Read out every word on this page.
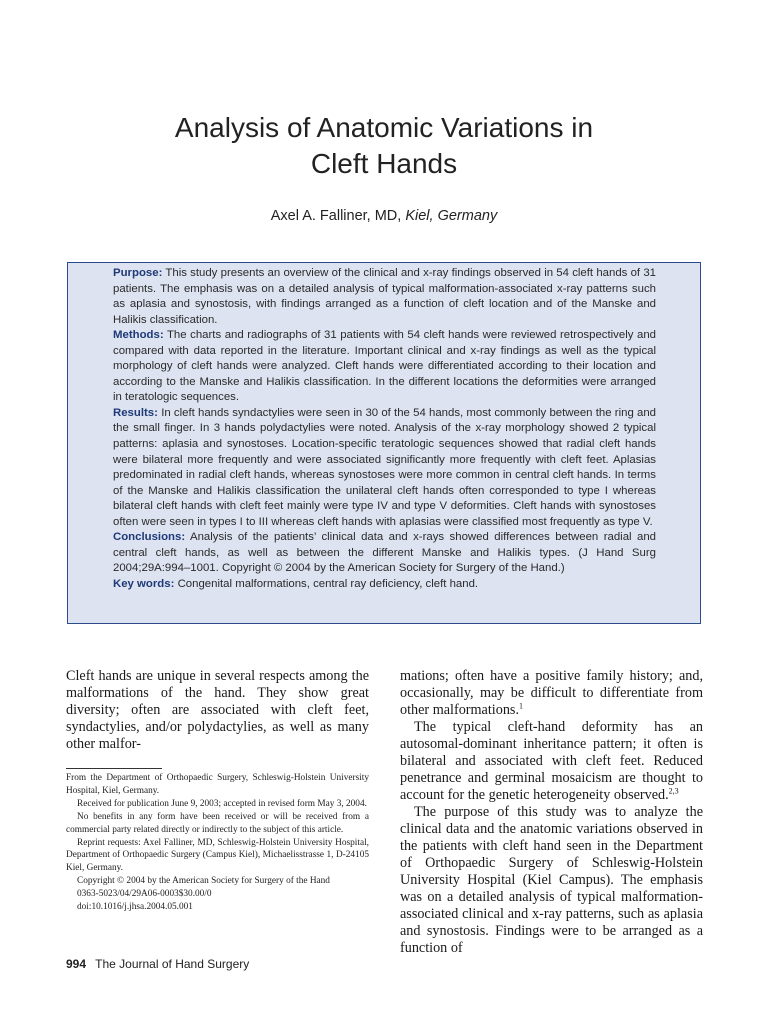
Analysis of Anatomic Variations in
Cleft Hands
Axel A. Falliner, MD, Kiel, Germany

Purpose: This study presents an overview of the clinical and x-ray findings observed in 54 cleft hands of 31 patients. The emphasis was on a detailed analysis of typical malformation-associated x-ray patterns such as aplasia and synostosis, with findings arranged as a function of cleft location and of the Manske and Halikis classification.

Methods: The charts and radiographs of 31 patients with 54 cleft hands were reviewed retrospectively and compared with data reported in the literature. Important clinical and x-ray findings as well as the typical morphology of cleft hands were analyzed. Cleft hands were differentiated according to their location and according to the Manske and Halikis classification. In the different locations the deformities were arranged in teratologic sequences.

Results: In cleft hands syndactylies were seen in 30 of the 54 hands, most commonly between the ring and the small finger. In 3 hands polydactylies were noted. Analysis of the x-ray morphology showed 2 typical patterns: aplasia and synostoses. Location-specific teratologic sequences showed that radial cleft hands were bilateral more frequently and were associated significantly more frequently with cleft feet. Aplasias predominated in radial cleft hands, whereas synostoses were more common in central cleft hands. In terms of the Manske and Halikis classification the unilateral cleft hands often corresponded to type I whereas bilateral cleft hands with cleft feet mainly were type IV and type V deformities. Cleft hands with synostoses often were seen in types I to III whereas cleft hands with aplasias were classified most frequently as type V.

Conclusions: Analysis of the patients’ clinical data and x-rays showed differences between radial and central cleft hands, as well as between the different Manske and Halikis types. (J Hand Surg 2004;29A:994–1001. Copyright © 2004 by the American Society for Surgery of the Hand.)

Key words: Congenital malformations, central ray deficiency, cleft hand.

Cleft hands are unique in several respects among the malformations of the hand. They show great diversity; often are associated with cleft feet, syndactylies, and/or polydactylies, as well as many other malfor-

From the Department of Orthopaedic Surgery, Schleswig-Holstein University Hospital, Kiel, Germany.

Received for publication June 9, 2003; accepted in revised form May 3, 2004.

No benefits in any form have been received or will be received from a commercial party related directly or indirectly to the subject of this article.

Reprint requests: Axel Falliner, MD, Schleswig-Holstein University Hospital, Department of Orthopaedic Surgery (Campus Kiel), Michaelisstrasse 1, D-24105 Kiel, Germany.

Copyright © 2004 by the American Society for Surgery of the Hand

0363-5023/04/29A06-0003$30.00/0

doi:10.1016/j.jhsa.2004.05.001

mations; often have a positive family history; and, occasionally, may be difficult to differentiate from other malformations.$^1$

The typical cleft-hand deformity has an autosomal-dominant inheritance pattern; it often is bilateral and associated with cleft feet. Reduced penetrance and germinal mosaicism are thought to account for the genetic heterogeneity observed.$^{2,3}$

The purpose of this study was to analyze the clinical data and the anatomic variations observed in the patients with cleft hand seen in the Department of Orthopaedic Surgery of Schleswig-Holstein University Hospital (Kiel Campus). The emphasis was on a detailed analysis of typical malformation-associated clinical and x-ray patterns, such as aplasia and synostosis. Findings were to be arranged as a function of

994 The Journal of Hand Surgery
